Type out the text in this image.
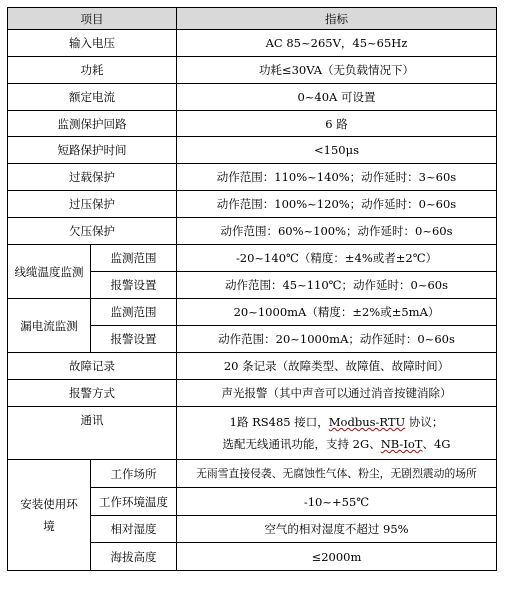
项目		指标
输入电压		AC 85~265V，45~65Hz
功耗		功耗≤30VA（无负载情况下）
额定电流		0~40A 可设置
监测保护回路		6 路
短路保护时间		<150μs
过载保护		动作范围：110%~140%；动作延时：3~60s
过压保护		动作范围：100%~120%；动作延时：0~60s
欠压保护		动作范围：60%~100%；动作延时：0~60s
线缆温度监测	监测范围	-20~140℃（精度：±4%或者±2℃）
	报警设置	动作范围：45~110℃；动作延时：0~60s
漏电流监测	监测范围	20~1000mA（精度：±2%或±5mA）
	报警设置	动作范围：20~1000mA；动作延时：0~60s
故障记录		20 条记录（故障类型、故障值、故障时间）
报警方式		声光报警（其中声音可以通过消音按键消除）
通讯		1路 RS485 接口，Modbus-RTU 协议；
选配无线通讯功能，支持 2G、NB-IoT、4G

安装使用环境	工作场所	无雨雪直接侵袭、无腐蚀性气体、粉尘，无剧烈震动的场所
	工作环境温度	-10~+55℃
	相对湿度	空气的相对湿度不超过 95%
	海拔高度	≤2000m
